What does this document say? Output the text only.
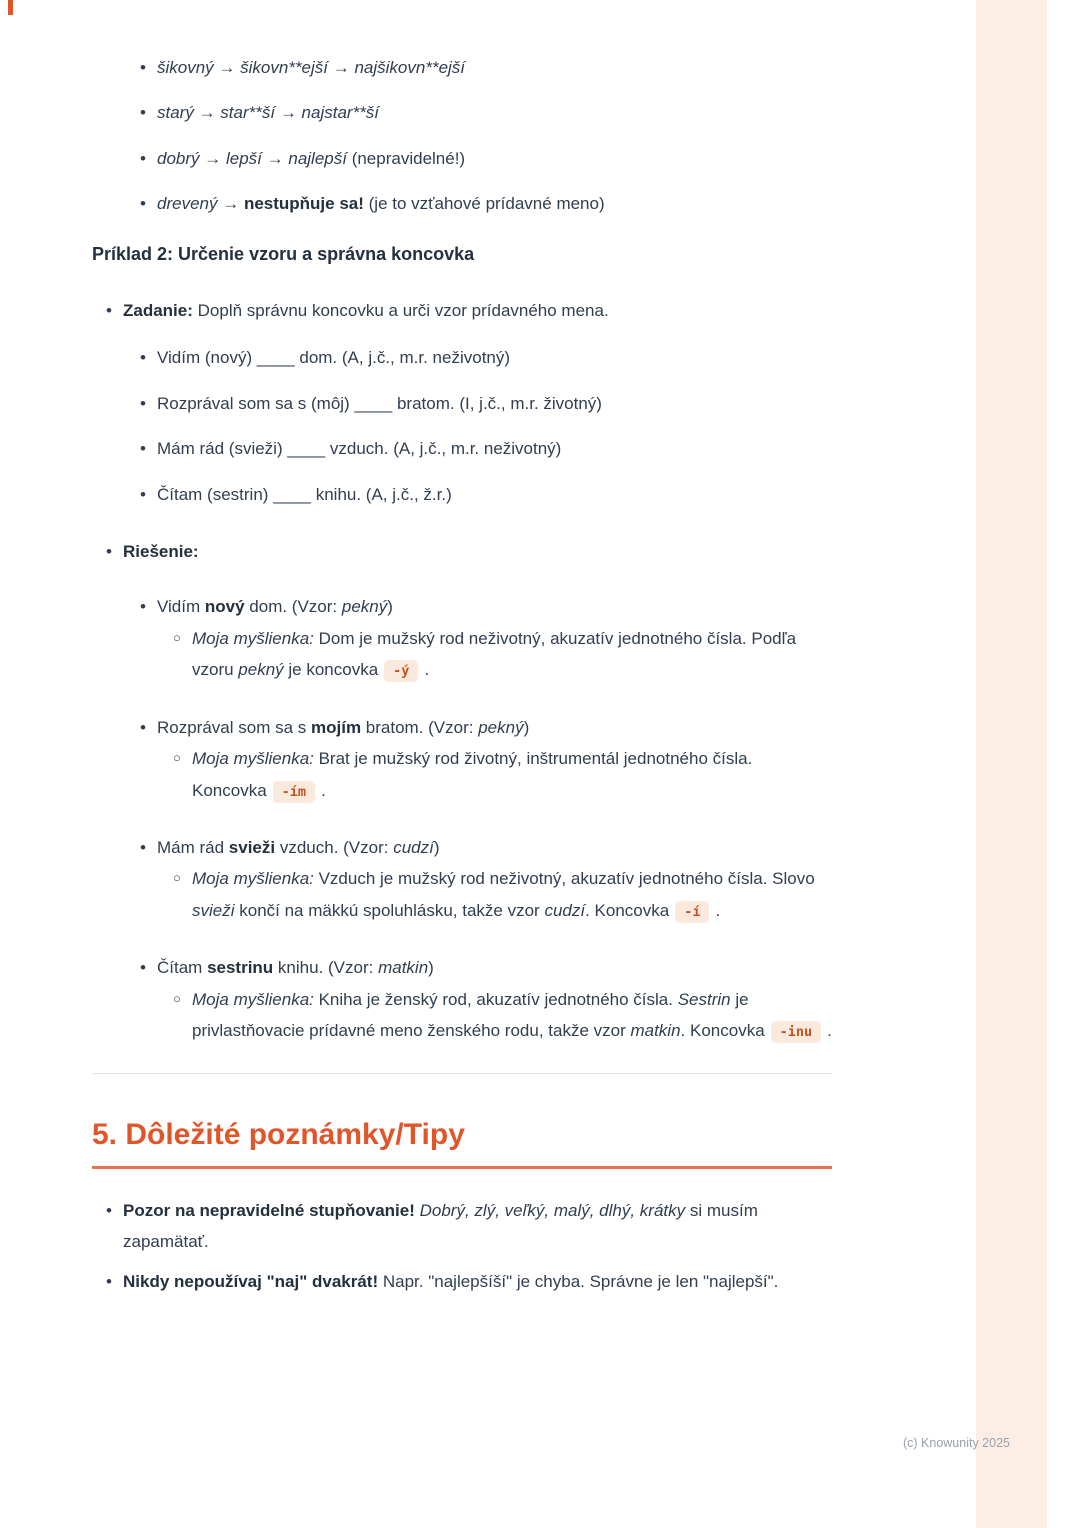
• šikovný → šikovn**ejší → najšikovn**ejší
• starý → star**ší → najstar**ší
• dobrý → lepší → najlepší (nepravidelné!)
• drevený → nestupňuje sa! (je to vzťahové prídavné meno)
Príklad 2: Určenie vzoru a správna koncovka
• Zadanie: Doplň správnu koncovku a urči vzor prídavného mena.
• Vidím (nový) ____ dom. (A, j.č., m.r. neživotný)
• Rozprával som sa s (môj) ____ bratom. (I, j.č., m.r. životný)
• Mám rád (svieži) ____ vzduch. (A, j.č., m.r. neživotný)
• Čítam (sestrin) ____ knihu. (A, j.č., ž.r.)
• Riešenie:
• Vidím nový dom. (Vzor: pekný)
○ Moja myšlienka: Dom je mužský rod neživotný, akuzatív jednotného čísla. Podľa vzoru pekný je koncovka -ý .
• Rozprával som sa s mojím bratom. (Vzor: pekný)
○ Moja myšlienka: Brat je mužský rod životný, inštrumentál jednotného čísla. Koncovka -ím .
• Mám rád svieži vzduch. (Vzor: cudzí)
○ Moja myšlienka: Vzduch je mužský rod neživotný, akuzatív jednotného čísla. Slovo svieži končí na mäkkú spoluhlásku, takže vzor cudzí. Koncovka -í .
• Čítam sestrinu knihu. (Vzor: matkin)
○ Moja myšlienka: Kniha je ženský rod, akuzatív jednotného čísla. Sestrin je privlastňovacie prídavné meno ženského rodu, takže vzor matkin. Koncovka -inu .
5. Dôležité poznámky/Tipy
• Pozor na nepravidelné stupňovanie! Dobrý, zlý, veľký, malý, dlhý, krátky si musím zapamätať.
• Nikdy nepoužívaj "naj" dvakrát! Napr. "najlepšíší" je chyba. Správne je len "najlepší".
(c) Knowunity 2025
